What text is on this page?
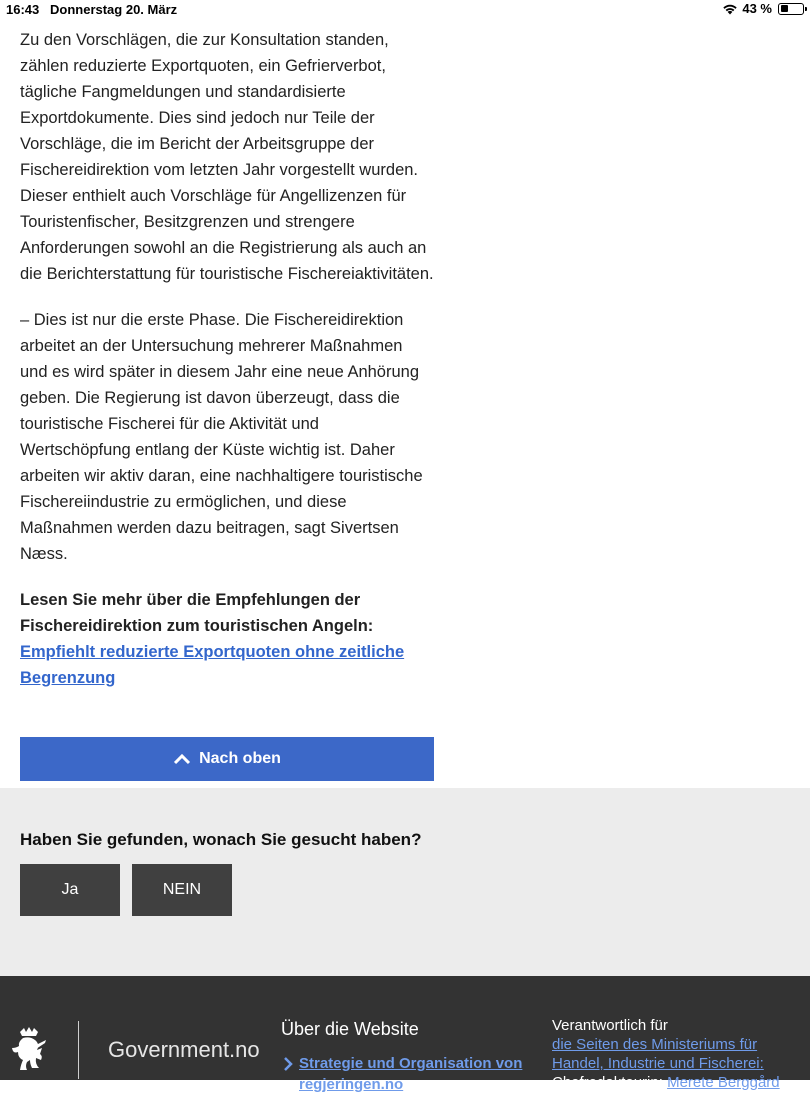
16:43 Donnerstag 20. März	43 %

Zu den Vorschlägen, die zur Konsultation standen, zählen reduzierte Exportquoten, ein Gefrierverbot, tägliche Fangmeldungen und standardisierte Exportdokumente. Dies sind jedoch nur Teile der Vorschläge, die im Bericht der Arbeitsgruppe der Fischereidirektion vom letzten Jahr vorgestellt wurden. Dieser enthielt auch Vorschläge für Angellizenzen für Touristenfischer, Besitzgrenzen und strengere Anforderungen sowohl an die Registrierung als auch an die Berichterstattung für touristische Fischereiaktivitäten.

– Dies ist nur die erste Phase. Die Fischereidirektion arbeitet an der Untersuchung mehrerer Maßnahmen und es wird später in diesem Jahr eine neue Anhörung geben. Die Regierung ist davon überzeugt, dass die touristische Fischerei für die Aktivität und Wertschöpfung entlang der Küste wichtig ist. Daher arbeiten wir aktiv daran, eine nachhaltigere touristische Fischereiindustrie zu ermöglichen, und diese Maßnahmen werden dazu beitragen, sagt Sivertsen Næss.

Lesen Sie mehr über die Empfehlungen der Fischereidirektion zum touristischen Angeln:

Empfiehlt reduzierte Exportquoten ohne zeitliche Begrenzung
Nach oben
Haben Sie gefunden, wonach Sie gesucht haben?
Ja	NEIN
Government.no
Über die Website
Strategie und Organisation von regjeringen.no
Verantwortlich für
die Seiten des Ministeriums für Handel, Industrie und Fischerei:
Chefredakteurin: Merete Berggård
